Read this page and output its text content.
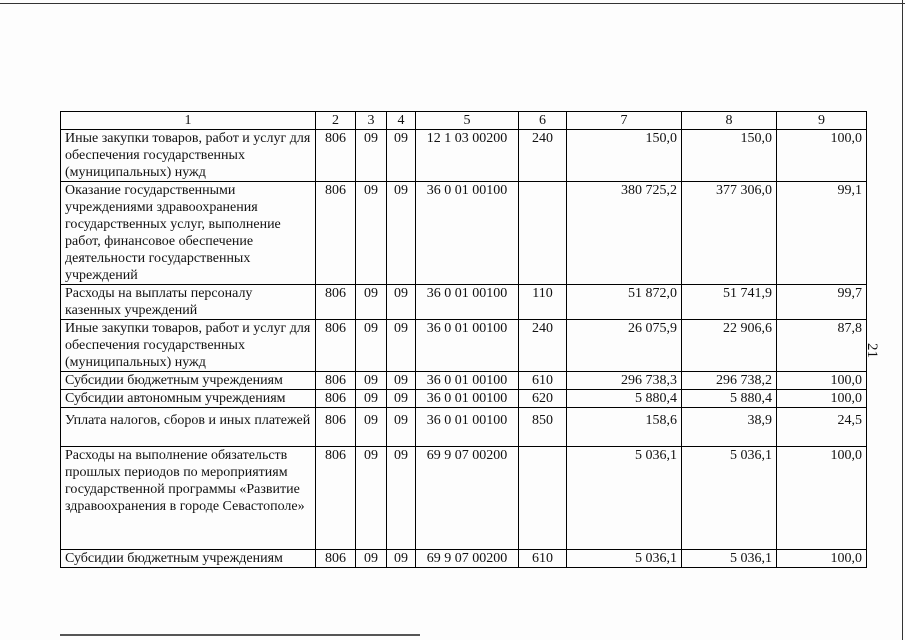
21
1	2	3	4	5	6	7	8	9
Иные закупки товаров, работ и услуг для обеспечения государственных (муниципальных) нужд	806	09	09	12 1 03 00200	240	150,0	150,0	100,0
Оказание государственными учреждениями здравоохранения государственных услуг, выполнение работ, финансовое обеспечение деятельности государственных учреждений	806	09	09	36 0 01 00100		380 725,2	377 306,0	99,1
Расходы на выплаты персоналу казенных учреждений	806	09	09	36 0 01 00100	110	51 872,0	51 741,9	99,7
Иные закупки товаров, работ и услуг для обеспечения государственных (муниципальных) нужд	806	09	09	36 0 01 00100	240	26 075,9	22 906,6	87,8
Субсидии бюджетным учреждениям	806	09	09	36 0 01 00100	610	296 738,3	296 738,2	100,0
Субсидии автономным учреждениям	806	09	09	36 0 01 00100	620	5 880,4	5 880,4	100,0
Уплата налогов, сборов и иных платежей	806	09	09	36 0 01 00100	850	158,6	38,9	24,5
Расходы на выполнение обязательств прошлых периодов по мероприятиям государственной программы «Развитие здравоохранения в городе Севастополе»	806	09	09	69 9 07 00200		5 036,1	5 036,1	100,0
Субсидии бюджетным учреждениям	806	09	09	69 9 07 00200	610	5 036,1	5 036,1	100,0
